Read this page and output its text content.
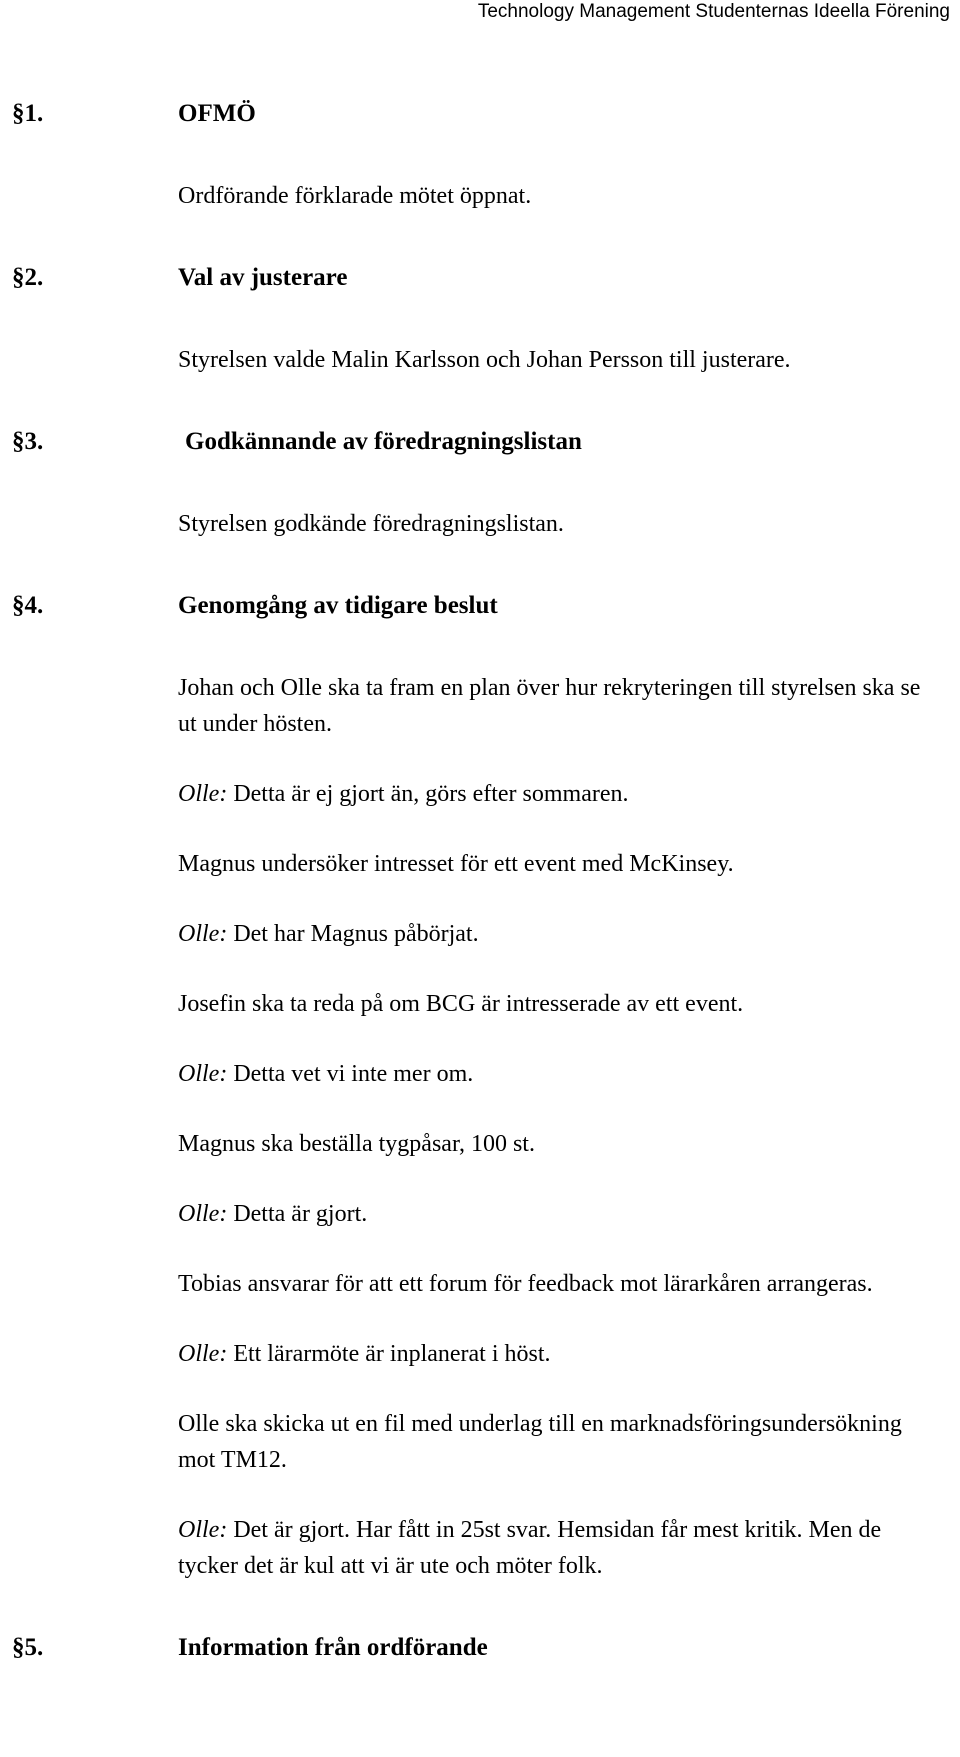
Technology Management Studenternas Ideella Förening
§1.	OFMÖ
Ordförande förklarade mötet öppnat.
§2.	Val av justerare
Styrelsen valde Malin Karlsson och Johan Persson till justerare.
§3.	Godkännande av föredragningslistan
Styrelsen godkände föredragningslistan.
§4.	Genomgång av tidigare beslut
Johan och Olle ska ta fram en plan över hur rekryteringen till styrelsen ska se ut under hösten.
Olle: Detta är ej gjort än, görs efter sommaren.
Magnus undersöker intresset för ett event med McKinsey.
Olle: Det har Magnus påbörjat.
Josefin ska ta reda på om BCG är intresserade av ett event.
Olle: Detta vet vi inte mer om.
Magnus ska beställa tygpåsar, 100 st.
Olle: Detta är gjort.
Tobias ansvarar för att ett forum för feedback mot lärarkåren arrangeras.
Olle: Ett lärarmöte är inplanerat i höst.
Olle ska skicka ut en fil med underlag till en marknadsföringsundersökning mot TM12.
Olle: Det är gjort. Har fått in 25st svar. Hemsidan får mest kritik. Men de tycker det är kul att vi är ute och möter folk.
§5.	Information från ordförande
